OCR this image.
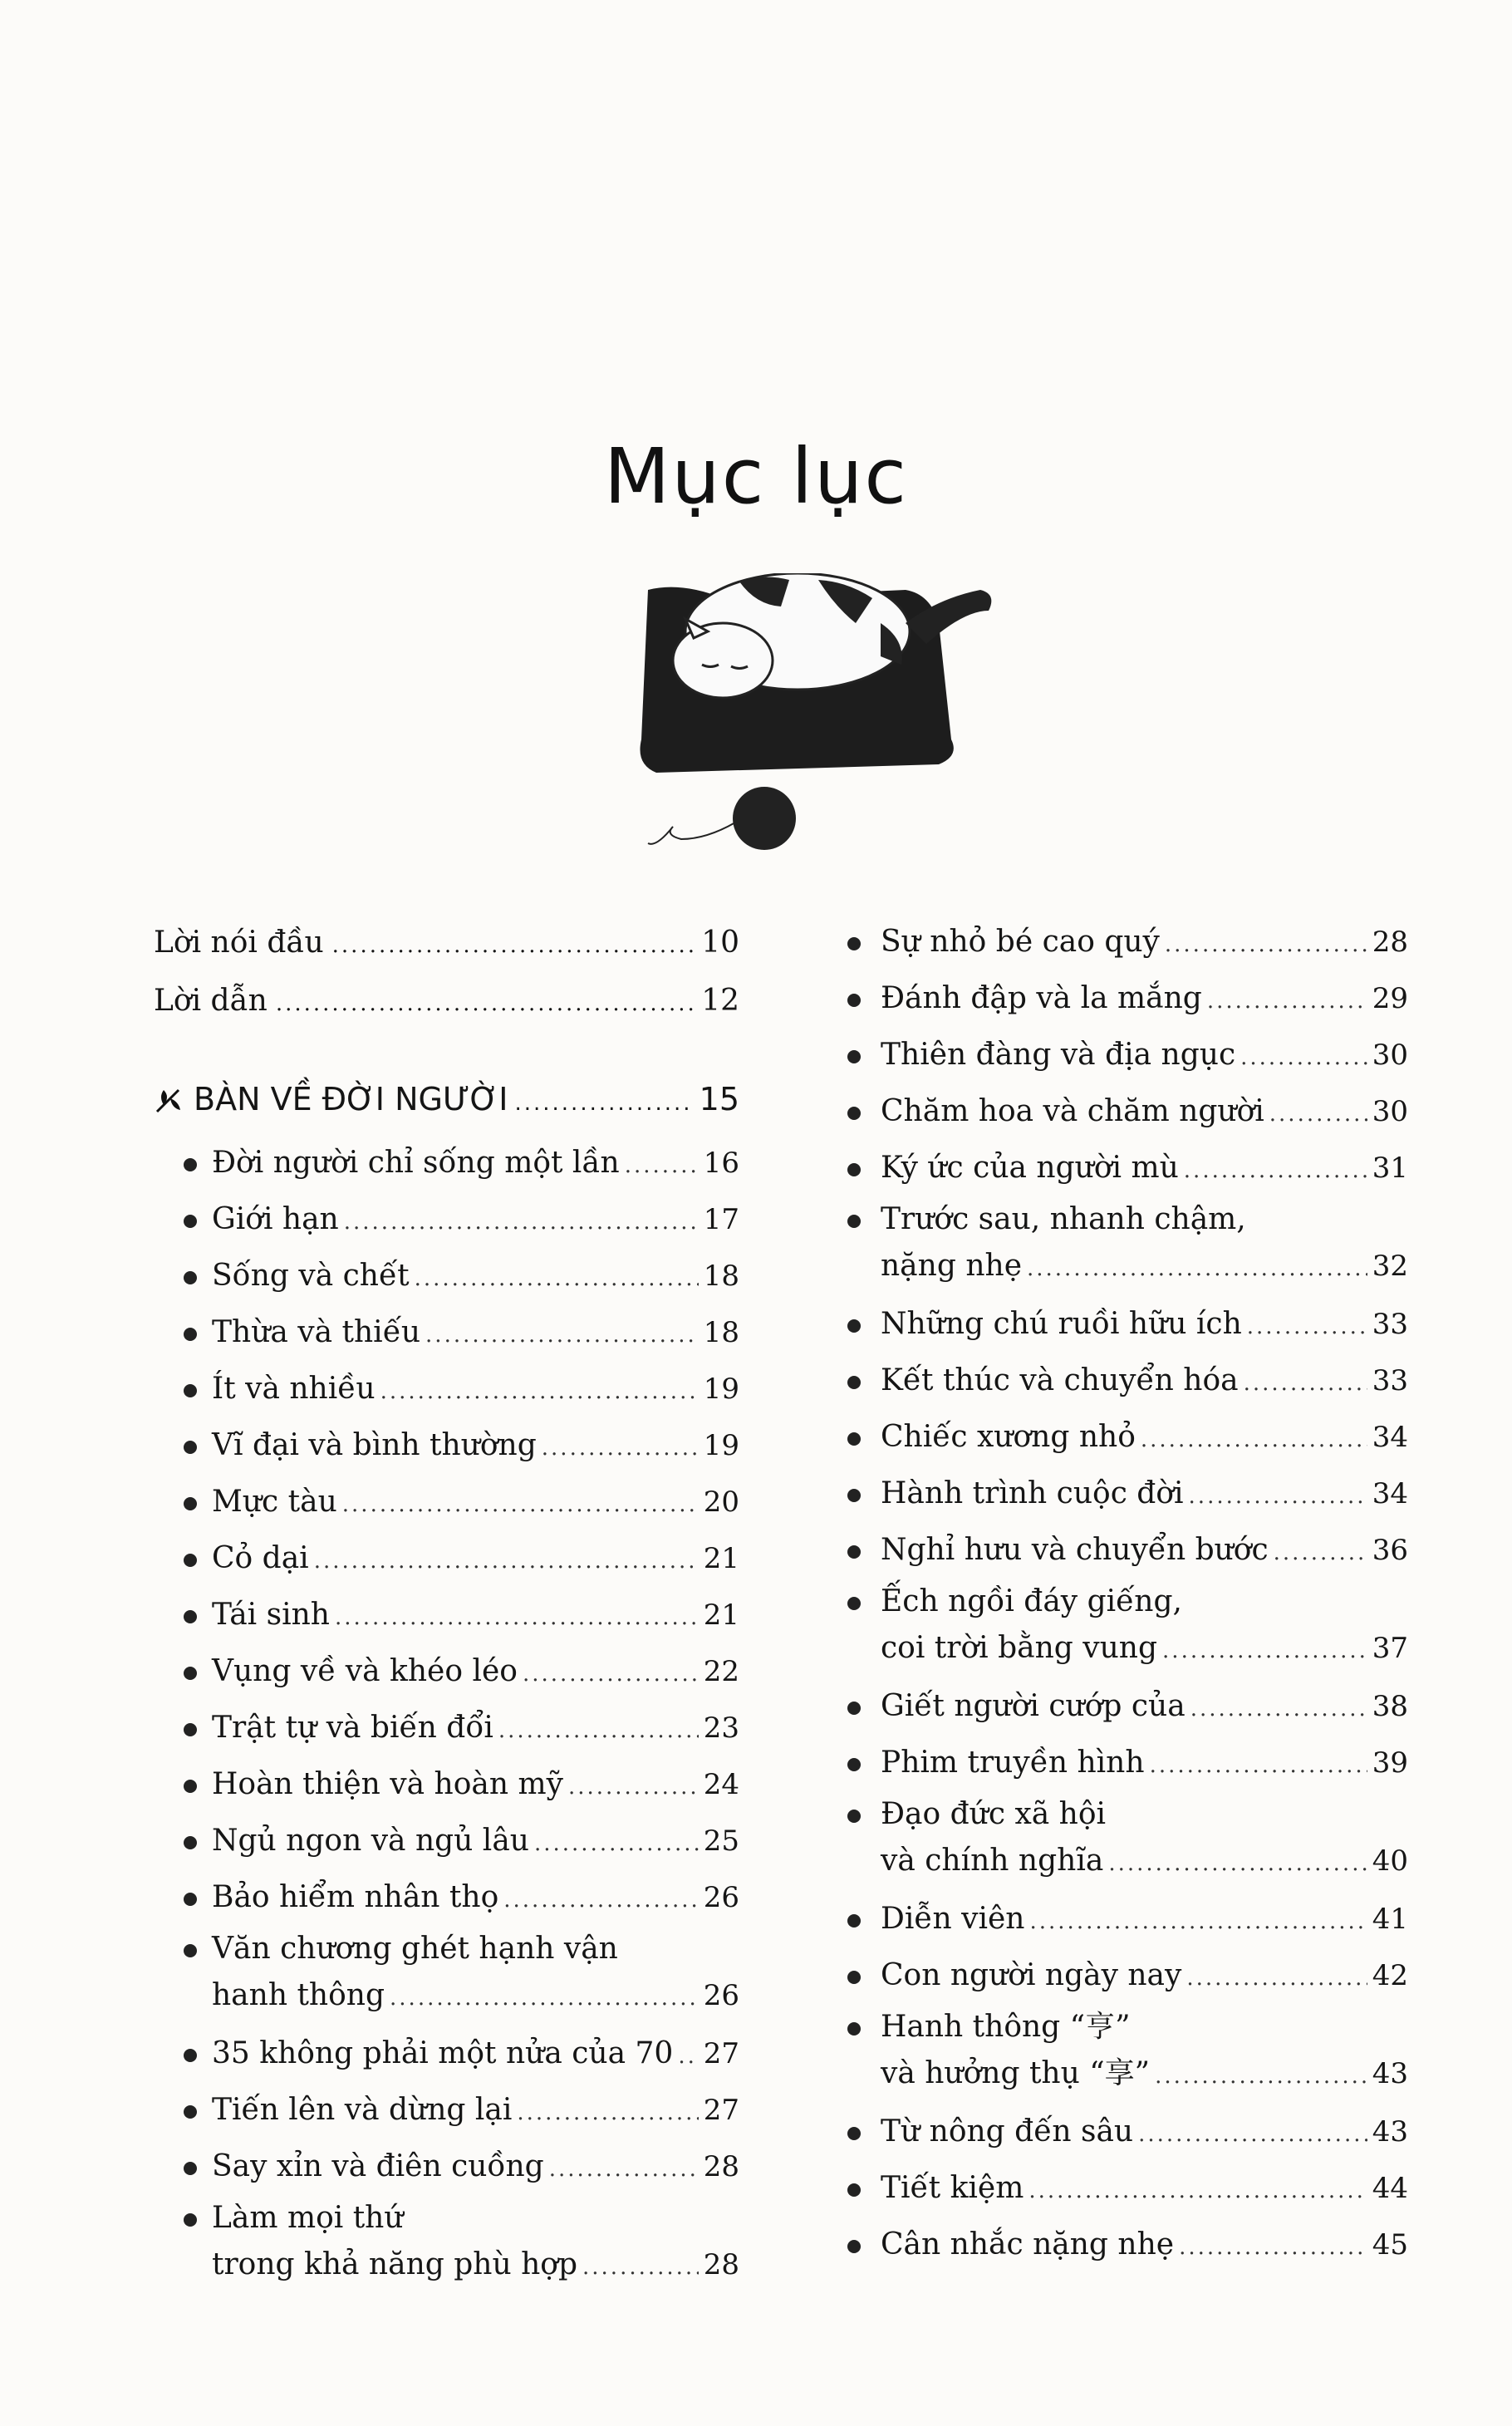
Mục lục
Lời nói đầu .....	10
Lời dẫn .....	12
BÀN VỀ ĐỜI NGƯỜI .....	15
Đời người chỉ sống một lần .....	16
Giới hạn .....	17
Sống và chết .....	18
Thừa và thiếu .....	18
Ít và nhiều .....	19
Vĩ đại và bình thường .....	19
Mực tàu .....	20
Cỏ dại .....	21
Tái sinh .....	21
Vụng về và khéo léo .....	22
Trật tự và biến đổi .....	23
Hoàn thiện và hoàn mỹ .....	24
Ngủ ngon và ngủ lâu .....	25
Bảo hiểm nhân thọ .....	26
Văn chương ghét hạnh vận
hanh thông .....	26
35 không phải một nửa của 70 ..... 27
Tiến lên và dừng lại .....	27
Say xỉn và điên cuồng .....	28
Làm mọi thứ
trong khả năng phù hợp .....	28
Sự nhỏ bé cao quý .....	28
Đánh đập và la mắng .....	29
Thiên đàng và địa ngục .....	30
Chăm hoa và chăm người .....	30
Ký ức của người mù .....	31
Trước sau, nhanh chậm,
nặng nhẹ .....	32
Những chú ruồi hữu ích .....	33
Kết thúc và chuyển hóa .....	33
Chiếc xương nhỏ .....	34
Hành trình cuộc đời .....	34
Nghỉ hưu và chuyển bước .....	36
Ếch ngồi đáy giếng,
coi trời bằng vung .....	37
Giết người cướp của .....	38
Phim truyền hình .....	39
Đạo đức xã hội
và chính nghĩa .....	40
Diễn viên .....	41
Con người ngày nay .....	42
Hanh thông “亨”
và hưởng thụ “享” .....	43
Từ nông đến sâu .....	43
Tiết kiệm .....	44
Cân nhắc nặng nhẹ .....	45
